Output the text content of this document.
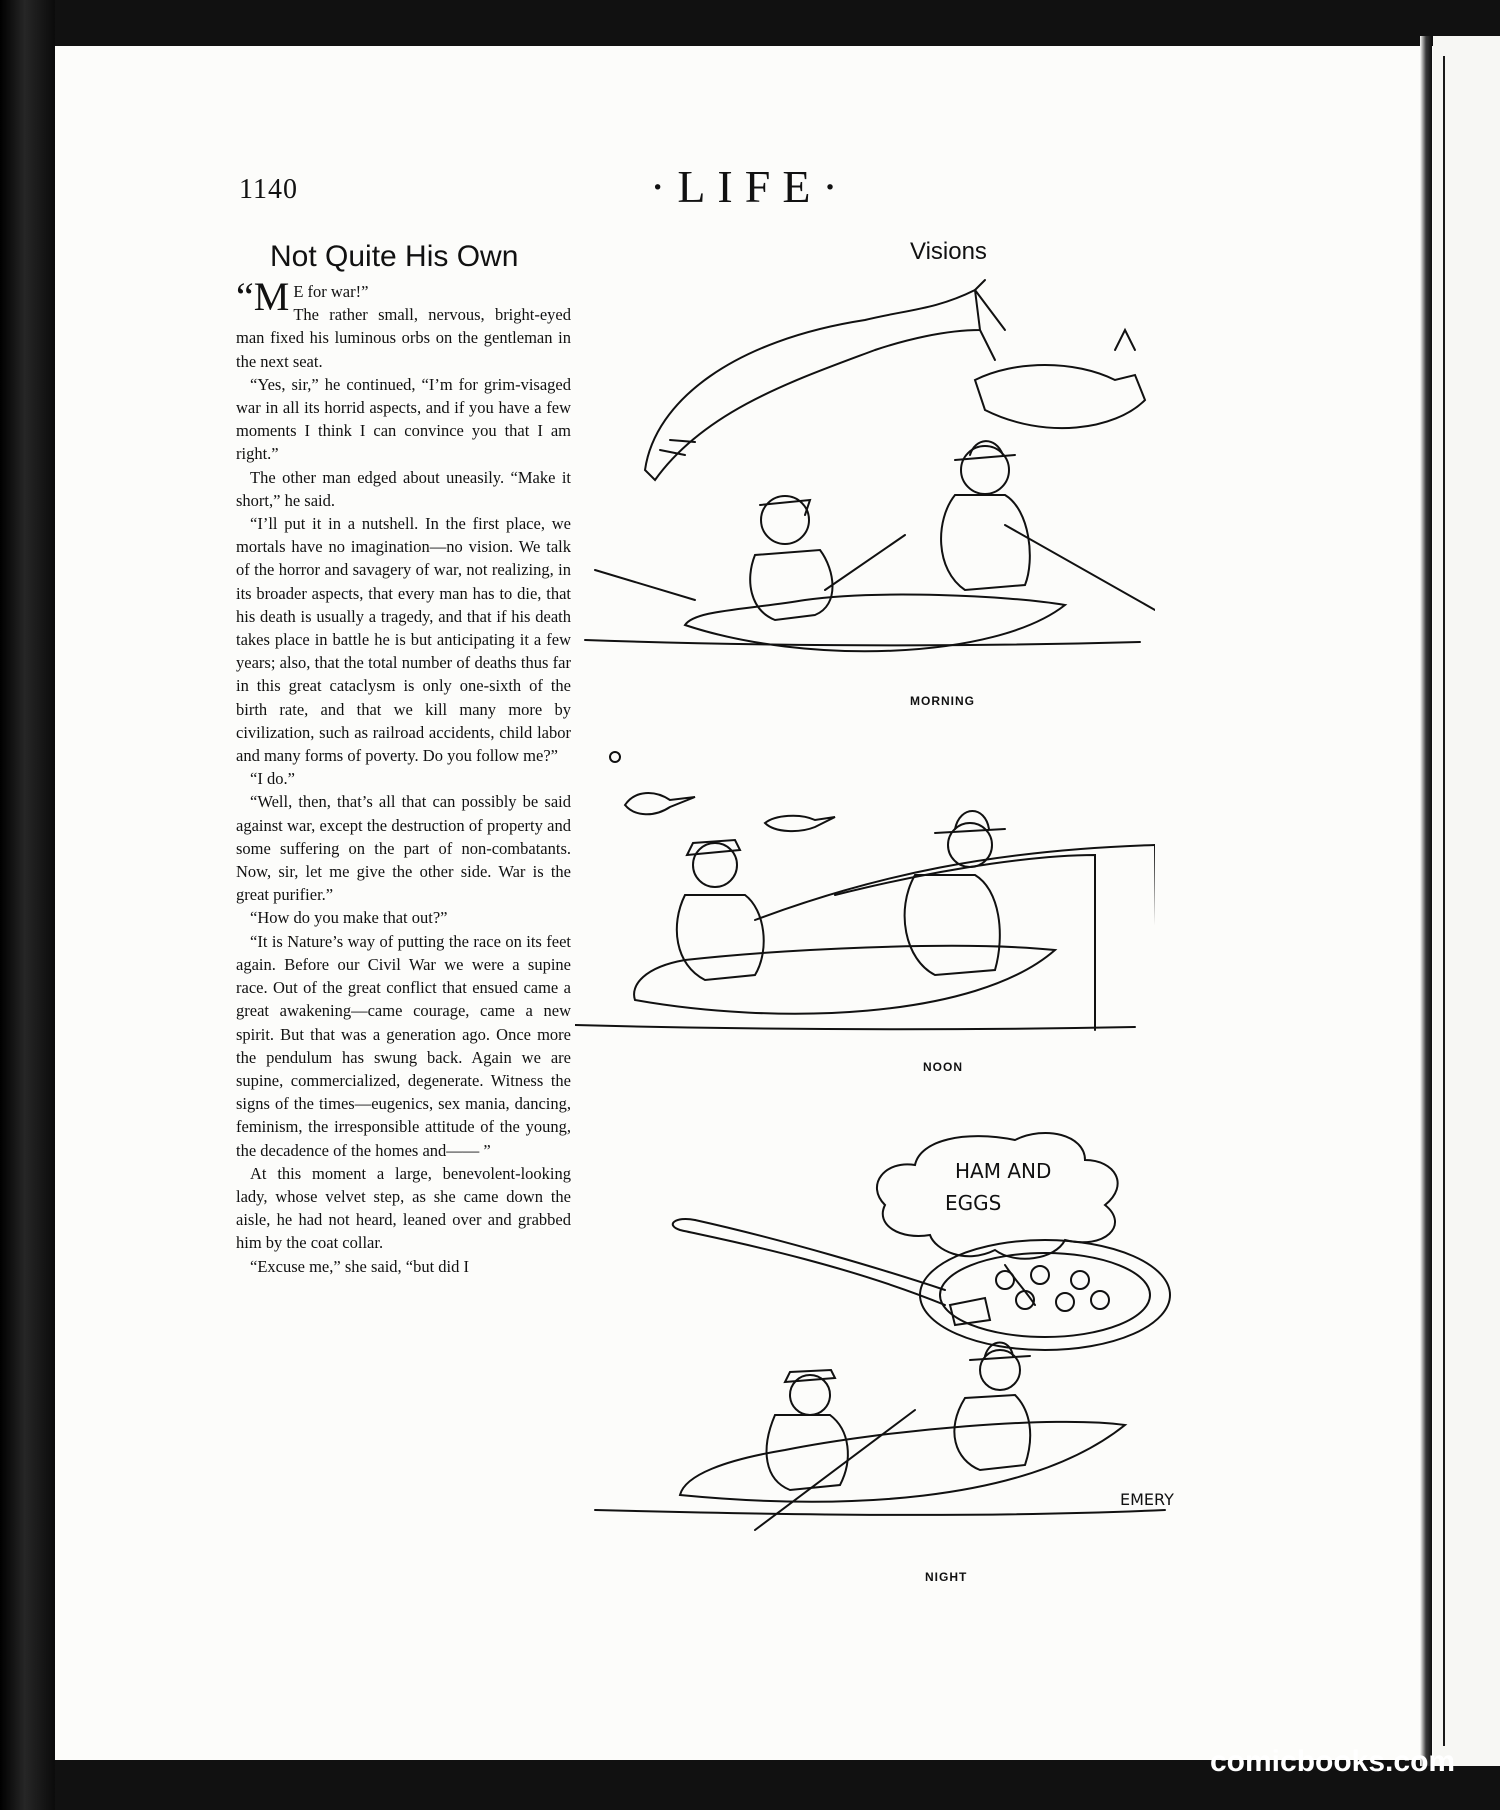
1140	·LIFE·
Not Quite His Own

“M E for war!”
The rather small, nervous, bright-eyed man fixed his luminous orbs on the gentleman in the next seat.

“Yes, sir,” he continued, “I’m for grim-visaged war in all its horrid aspects, and if you have a few moments I think I can convince you that I am right.”

The other man edged about uneasily. “Make it short,” he said.

“I’ll put it in a nutshell. In the first place, we mortals have no imagination—no vision. We talk of the horror and savagery of war, not realizing, in its broader aspects, that every man has to die, that his death is usually a tragedy, and that if his death takes place in battle he is but anticipating it a few years; also, that the total number of deaths thus far in this great cataclysm is only one-sixth of the birth rate, and that we kill many more by civilization, such as railroad accidents, child labor and many forms of poverty. Do you follow me?”

“I do.”

“Well, then, that’s all that can possibly be said against war, except the destruction of property and some suffering on the part of non-combatants. Now, sir, let me give the other side. War is the great purifier.”

“How do you make that out?”

“It is Nature’s way of putting the race on its feet again. Before our Civil War we were a supine race. Out of the great conflict that ensued came a great awakening—came courage, came a new spirit. But that was a generation ago. Once more the pendulum has swung back. Again we are supine, commercialized, degenerate. Witness the signs of the times—eugenics, sex mania, dancing, feminism, the irresponsible attitude of the young, the decadence of the homes and—— ”

At this moment a large, benevolent-looking lady, whose velvet step, as she came down the aisle, he had not heard, leaned over and grabbed him by the coat collar.

“Excuse me,” she said, “but did I

Visions
MORNING
NOON
HAM AND
EGGS
EMERY
NIGHT
comicbooks.com
